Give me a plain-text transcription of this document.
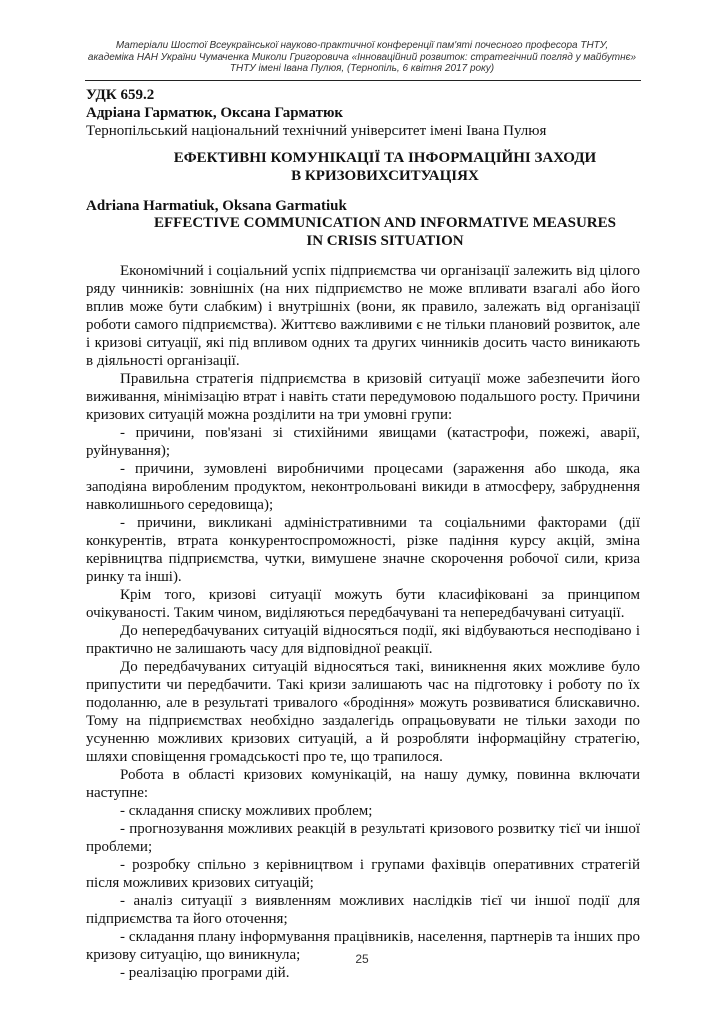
Матеріали Шостої Всеукраїнської науково-практичної конференції пам'яті почесного професора ТНТУ,
академіка НАН України Чумаченка Миколи Григоровича «Інноваційний розвиток: стратегічний погляд у майбутнє»
ТНТУ імені Івана Пулюя, (Тернопіль, 6 квітня 2017 року)
УДК 659.2
Адріана Гарматюк, Оксана Гарматюк
Тернопільський національний технічний університет імені Івана Пулюя
ЕФЕКТИВНІ КОМУНІКАЦІЇ ТА ІНФОРМАЦІЙНІ ЗАХОДИ
В КРИЗОВИХСИТУАЦІЯХ
Adriana Harmatiuk, Oksana Garmatiuk
EFFECTIVE COMMUNICATION AND INFORMATIVE MEASURES
IN CRISIS SITUATION

Економічний і соціальний успіх підприємства чи організації залежить від цілого ряду чинників: зовнішніх (на них підприємство не може впливати взагалі або його вплив може бути слабким) і внутрішніх (вони, як правило, залежать від організації роботи самого підприємства). Життєво важливими є не тільки плановий розвиток, але і кризові ситуації, які під впливом одних та других чинників досить часто виникають в діяльності організації.

Правильна стратегія підприємства в кризовій ситуації може забезпечити його виживання, мінімізацію втрат і навіть стати передумовою подальшого росту. Причини кризових ситуацій можна розділити на три умовні групи:

- причини, пов'язані зі стихійними явищами (катастрофи, пожежі, аварії, руйнування);

- причини, зумовлені виробничими процесами (зараження або шкода, яка заподіяна виробленим продуктом, неконтрольовані викиди в атмосферу, забруднення навколишнього середовища);

- причини, викликані адміністративними та соціальними факторами (дії конкурентів, втрата конкурентоспроможності, різке падіння курсу акцій, зміна керівництва підприємства, чутки, вимушене значне скорочення робочої сили, криза ринку та інші).

Крім того, кризові ситуації можуть бути класифіковані за принципом очікуваності. Таким чином, виділяються передбачувані та непередбачувані ситуації.

До непередбачуваних ситуацій відносяться події, які відбуваються несподівано і практично не залишають часу для відповідної реакції.

До передбачуваних ситуацій відносяться такі, виникнення яких можливе було припустити чи передбачити. Такі кризи залишають час на підготовку і роботу по їх подоланню, але в результаті тривалого «бродіння» можуть розвиватися блискавично. Тому на підприємствах необхідно заздалегідь опрацьовувати не тільки заходи по усуненню можливих кризових ситуацій, а й розробляти інформаційну стратегію, шляхи сповіщення громадськості про те, що трапилося.

Робота в області кризових комунікацій, на нашу думку, повинна включати наступне:

- складання списку можливих проблем;

- прогнозування можливих реакцій в результаті кризового розвитку тієї чи іншої проблеми;

- розробку спільно з керівництвом і групами фахівців оперативних стратегій після можливих кризових ситуацій;

- аналіз ситуації з виявленням можливих наслідків тієї чи іншої події для підприємства та його оточення;

- складання плану інформування працівників, населення, партнерів та інших про кризову ситуацію, що виникнула;

- реалізацію програми дій.

25
